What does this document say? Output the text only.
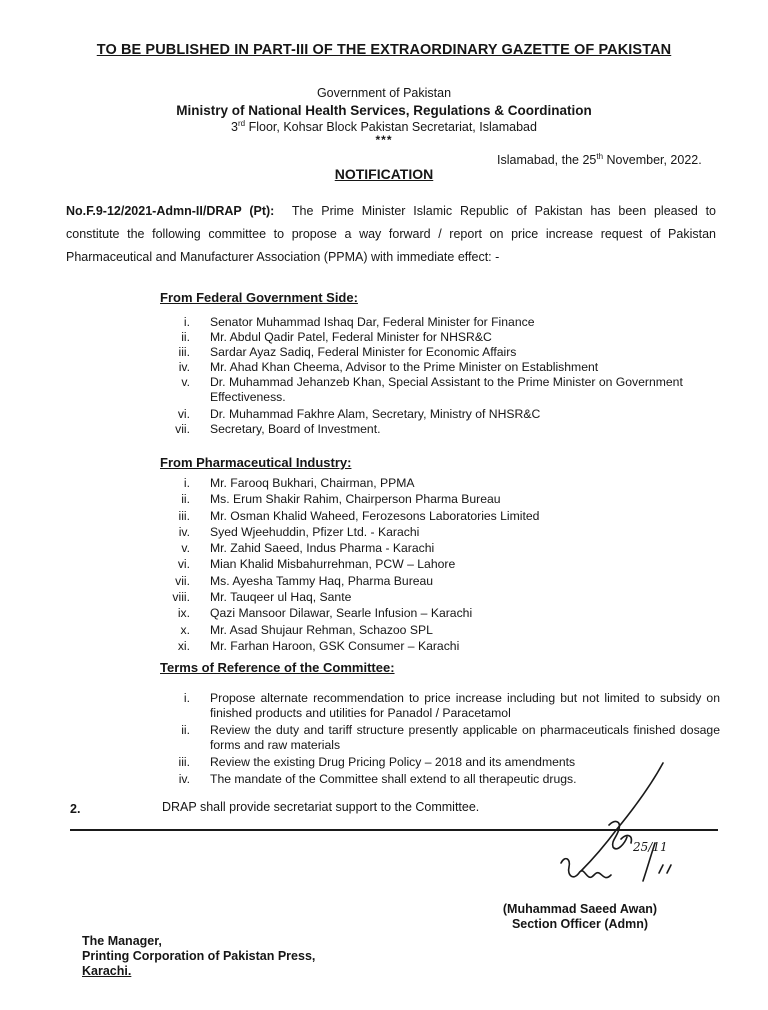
TO BE PUBLISHED IN PART-III OF THE EXTRAORDINARY GAZETTE OF PAKISTAN
Government of Pakistan
Ministry of National Health Services, Regulations & Coordination
3rd Floor, Kohsar Block Pakistan Secretariat, Islamabad
***
Islamabad, the 25th November, 2022.
NOTIFICATION
No.F.9-12/2021-Admn-II/DRAP (Pt): The Prime Minister Islamic Republic of Pakistan has been pleased to constitute the following committee to propose a way forward / report on price increase request of Pakistan Pharmaceutical and Manufacturer Association (PPMA) with immediate effect: -
From Federal Government Side:
i. Senator Muhammad Ishaq Dar, Federal Minister for Finance
ii. Mr. Abdul Qadir Patel, Federal Minister for NHSR&C
iii. Sardar Ayaz Sadiq, Federal Minister for Economic Affairs
iv. Mr. Ahad Khan Cheema, Advisor to the Prime Minister on Establishment
v. Dr. Muhammad Jehanzeb Khan, Special Assistant to the Prime Minister on Government Effectiveness.
vi. Dr. Muhammad Fakhre Alam, Secretary, Ministry of NHSR&C
vii. Secretary, Board of Investment.
From Pharmaceutical Industry:
i. Mr. Farooq Bukhari, Chairman, PPMA
ii. Ms. Erum Shakir Rahim, Chairperson Pharma Bureau
iii. Mr. Osman Khalid Waheed, Ferozesons Laboratories Limited
iv. Syed Wjeehuddin, Pfizer Ltd. - Karachi
v. Mr. Zahid Saeed, Indus Pharma - Karachi
vi. Mian Khalid Misbahurrehman, PCW – Lahore
vii. Ms. Ayesha Tammy Haq, Pharma Bureau
viii. Mr. Tauqeer ul Haq, Sante
ix. Qazi Mansoor Dilawar, Searle Infusion – Karachi
x. Mr. Asad Shujaur Rehman, Schazoo SPL
xi. Mr. Farhan Haroon, GSK Consumer – Karachi
Terms of Reference of the Committee:
i. Propose alternate recommendation to price increase including but not limited to subsidy on finished products and utilities for Panadol / Paracetamol
ii. Review the duty and tariff structure presently applicable on pharmaceuticals finished dosage forms and raw materials
iii. Review the existing Drug Pricing Policy – 2018 and its amendments
iv. The mandate of the Committee shall extend to all therapeutic drugs.
2.	DRAP shall provide secretariat support to the Committee.
25/11
(Muhammad Saeed Awan)
Section Officer (Admn)
The Manager,
Printing Corporation of Pakistan Press,
Karachi.
